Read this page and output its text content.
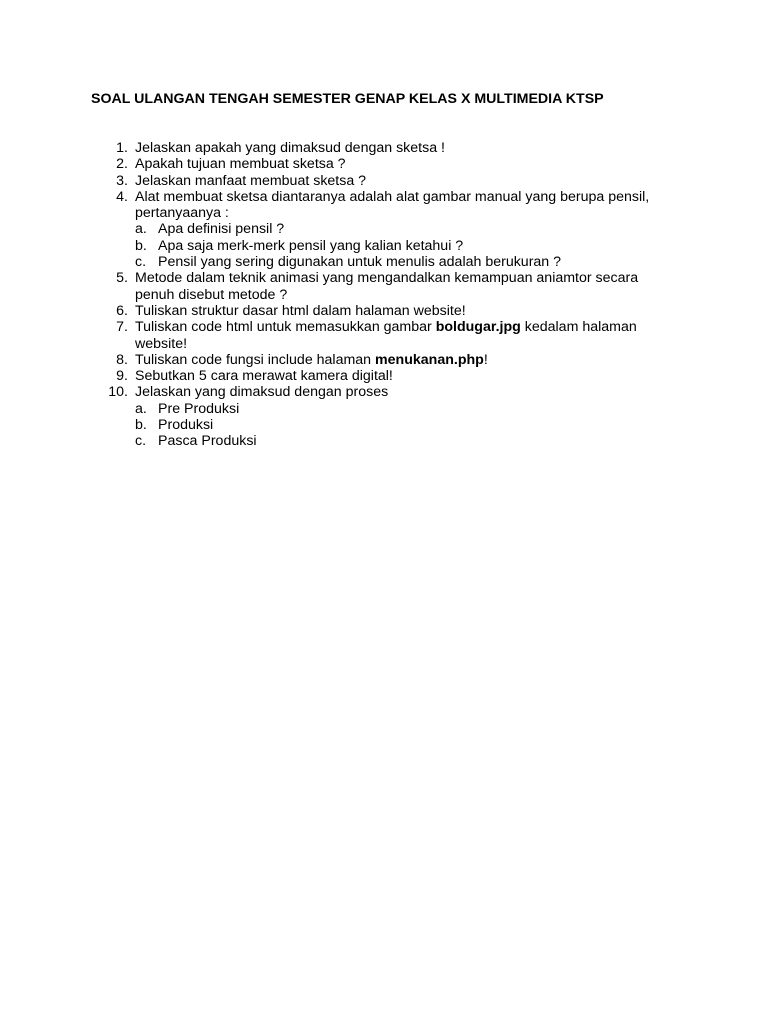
SOAL ULANGAN TENGAH SEMESTER GENAP KELAS X MULTIMEDIA KTSP
1. Jelaskan apakah yang dimaksud dengan sketsa !
2. Apakah tujuan membuat sketsa ?
3. Jelaskan manfaat membuat sketsa ?
4. Alat membuat sketsa diantaranya adalah alat gambar manual yang berupa pensil, pertanyaanya :
a. Apa definisi pensil ?
b. Apa saja merk-merk pensil yang kalian ketahui ?
c. Pensil yang sering digunakan untuk menulis adalah berukuran ?
5. Metode dalam teknik animasi yang mengandalkan kemampuan aniamtor secara penuh disebut metode ?
6. Tuliskan struktur dasar html dalam halaman website!
7. Tuliskan code html untuk memasukkan gambar boldugar.jpg kedalam halaman website!
8. Tuliskan code fungsi include halaman menukanan.php!
9. Sebutkan 5 cara merawat kamera digital!
10. Jelaskan yang dimaksud dengan proses
a. Pre Produksi
b. Produksi
c. Pasca Produksi
